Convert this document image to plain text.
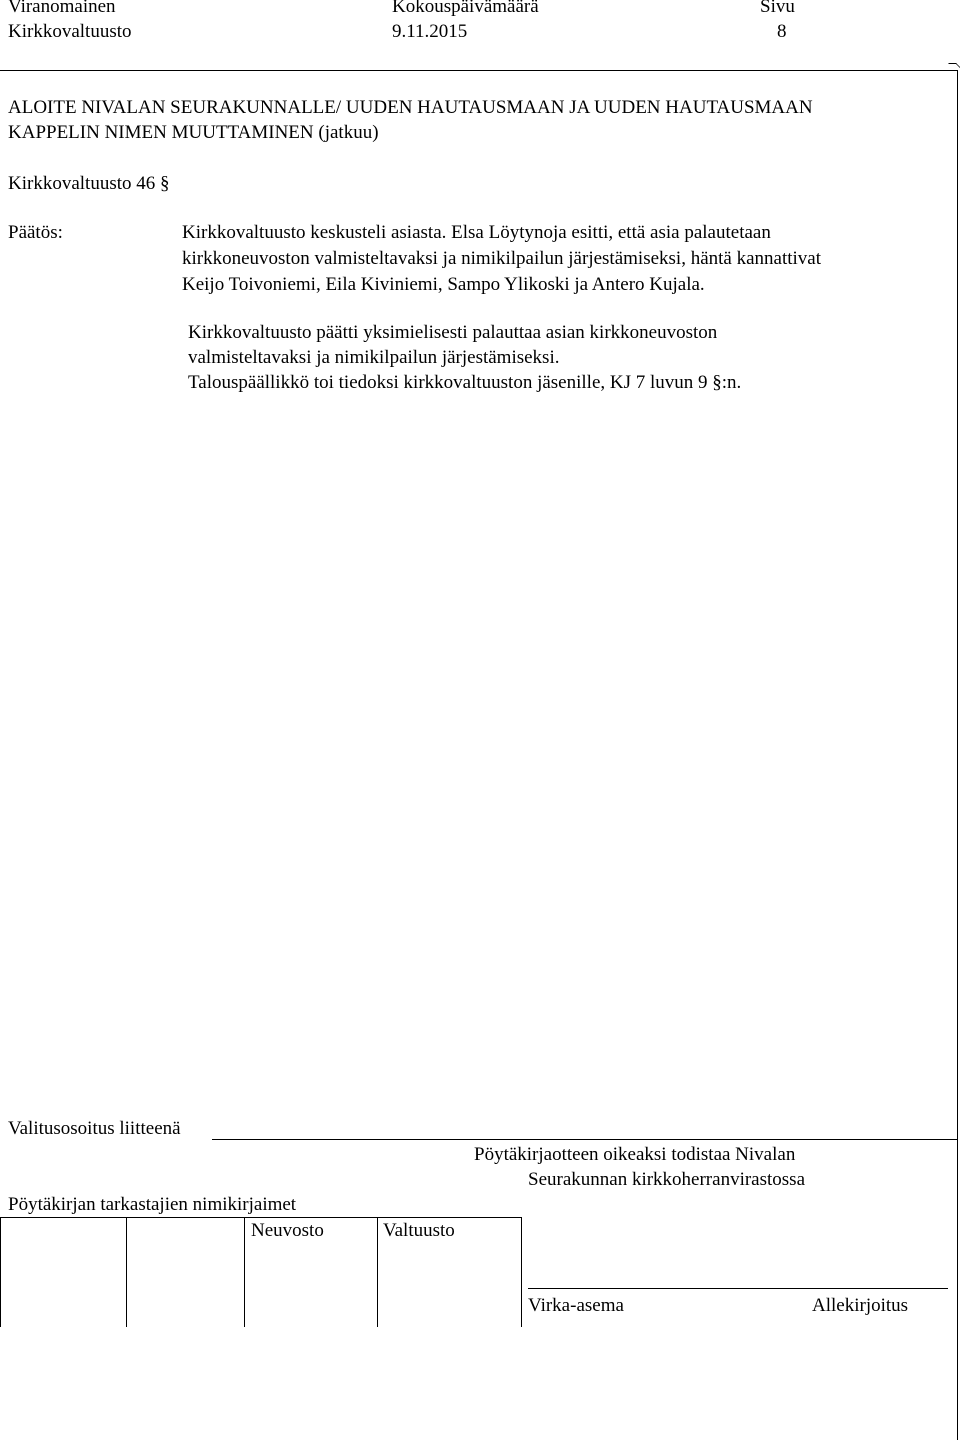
Viranomainen	Kokouspäivämäärä	Sivu
Kirkkovaltuusto	9.11.2015	8
ALOITE NIVALAN SEURAKUNNALLE/ UUDEN HAUTAUSMAAN JA UUDEN HAUTAUSMAAN
KAPPELIN NIMEN MUUTTAMINEN (jatkuu)
Kirkkovaltuusto 46 §
Päätös:	Kirkkovaltuusto keskusteli asiasta. Elsa Löytynoja esitti, että asia palautetaan
kirkkoneuvoston valmisteltavaksi ja nimikilpailun järjestämiseksi, häntä kannattivat
Keijo Toivoniemi, Eila Kiviniemi, Sampo Ylikoski ja Antero Kujala.
Kirkkovaltuusto päätti yksimielisesti palauttaa asian kirkkoneuvoston
valmisteltavaksi ja nimikilpailun järjestämiseksi.
Talouspäällikkö toi tiedoksi kirkkovaltuuston jäsenille, KJ 7 luvun 9 §:n.
Valitusosoitus liitteenä
Pöytäkirjaotteen oikeaksi todistaa Nivalan
Seurakunnan kirkkoherranvirastossa
Pöytäkirjan tarkastajien nimikirjaimet
Neuvosto	Valtuusto
Virka-asema	Allekirjoitus
